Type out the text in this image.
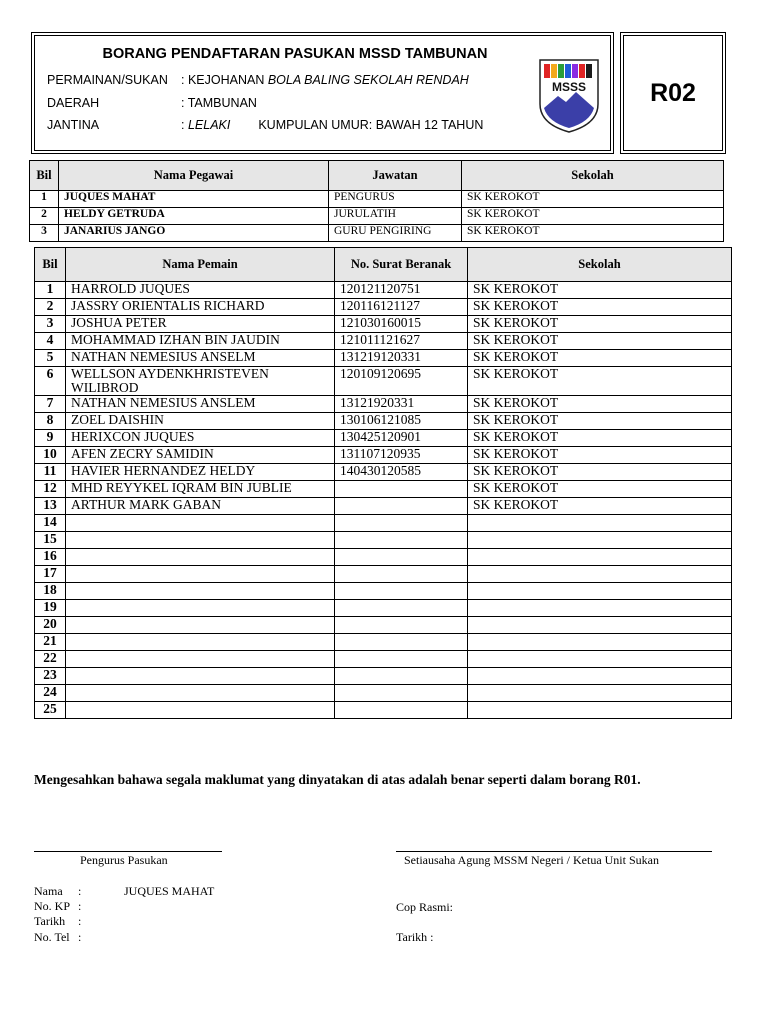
BORANG PENDAFTARAN PASUKAN MSSD TAMBUNAN
PERMAINAN/SUKAN : KEJOHANAN BOLA BALING SEKOLAH RENDAH
DAERAH	: TAMBUNAN
JANTINA	: LELAKI KUMPULAN UMUR: BAWAH 12 TAHUN
MSSS	R02
Bil	Nama Pegawai	Jawatan	Sekolah
1	JUQUES MAHAT	PENGURUS	SK KEROKOT
2	HELDY GETRUDA	JURULATIH	SK KEROKOT
3	JANARIUS JANGO	GURU PENGIRING	SK KEROKOT
Bil	Nama Pemain	No. Surat Beranak	Sekolah
1	HARROLD JUQUES	120121120751	SK KEROKOT
2	JASSRY ORIENTALIS RICHARD	120116121127	SK KEROKOT
3	JOSHUA PETER	121030160015	SK KEROKOT
4	MOHAMMAD IZHAN BIN JAUDIN	121011121627	SK KEROKOT
5	NATHAN NEMESIUS ANSELM	131219120331	SK KEROKOT
6	WELLSON AYDENKHRISTEVEN WILIBROD	120109120695	SK KEROKOT
7	NATHAN NEMESIUS ANSLEM	13121920331	SK KEROKOT
8	ZOEL DAISHIN	130106121085	SK KEROKOT
9	HERIXCON JUQUES	130425120901	SK KEROKOT
10	AFEN ZECRY SAMIDIN	131107120935	SK KEROKOT
11	HAVIER HERNANDEZ HELDY	140430120585	SK KEROKOT
12	MHD REYYKEL IQRAM BIN JUBLIE		SK KEROKOT
13	ARTHUR MARK GABAN		SK KEROKOT
14			
15			
16			
17			
18			
19			
20			
21			
22			
23			
24			
25			
Mengesahkan bahawa segala maklumat yang dinyatakan di atas adalah benar seperti dalam borang R01.
Pengurus Pasukan	Setiausaha Agung MSSM Negeri / Ketua Unit Sukan
Nama :	JUQUES MAHAT
No. KP :
Tarikh :
No. Tel :
Cop Rasmi:
Tarikh :
